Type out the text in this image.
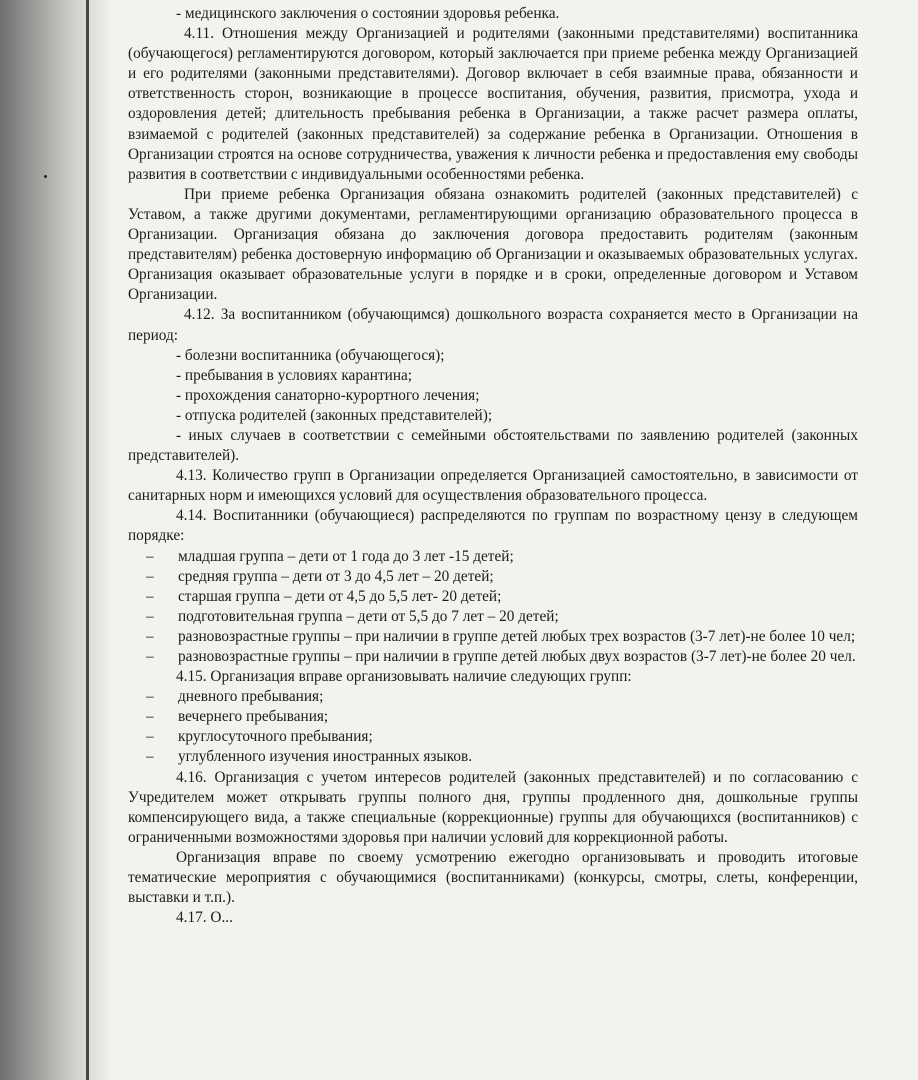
- медицинского заключения о состоянии здоровья ребенка.

4.11. Отношения между Организацией и родителями (законными представителями) воспитанника (обучающегося) регламентируются договором, который заключается при приеме ребенка между Организацией и его родителями (законными представителями). Договор включает в себя взаимные права, обязанности и ответственность сторон, возникающие в процессе воспитания, обучения, развития, присмотра, ухода и оздоровления детей; длительность пребывания ребенка в Организации, а также расчет размера оплаты, взимаемой с родителей (законных представителей) за содержание ребенка в Организации. Отношения в Организации строятся на основе сотрудничества, уважения к личности ребенка и предоставления ему свободы развития в соответствии с индивидуальными особенностями ребенка.

При приеме ребенка Организация обязана ознакомить родителей (законных представителей) с Уставом, а также другими документами, регламентирующими организацию образовательного процесса в Организации. Организация обязана до заключения договора предоставить родителям (законным представителям) ребенка достоверную информацию об Организации и оказываемых образовательных услугах. Организация оказывает образовательные услуги в порядке и в сроки, определенные договором и Уставом Организации.

4.12. За воспитанником (обучающимся) дошкольного возраста сохраняется место в Организации на период:

- болезни воспитанника (обучающегося);

- пребывания в условиях карантина;

- прохождения санаторно-курортного лечения;

- отпуска родителей (законных представителей);

- иных случаев в соответствии с семейными обстоятельствами по заявлению родителей (законных представителей).

4.13. Количество групп в Организации определяется Организацией самостоятельно, в зависимости от санитарных норм и имеющихся условий для осуществления образовательного процесса.

4.14. Воспитанники (обучающиеся) распределяются по группам по возрастному цензу в следующем порядке:

– младшая группа – дети от 1 года до 3 лет -15 детей;

– средняя группа – дети от 3 до 4,5 лет – 20 детей;

– старшая группа – дети от 4,5 до 5,5 лет- 20 детей;

– подготовительная группа – дети от 5,5 до 7 лет – 20 детей;

– разновозрастные группы – при наличии в группе детей любых трех возрастов (3-7 лет)-не более 10 чел;

– разновозрастные группы – при наличии в группе детей любых двух возрастов (3-7 лет)-не более 20 чел.

4.15. Организация вправе организовывать наличие следующих групп:

– дневного пребывания;

– вечернего пребывания;

– круглосуточного пребывания;

– углубленного изучения иностранных языков.

4.16. Организация с учетом интересов родителей (законных представителей) и по согласованию с Учредителем может открывать группы полного дня, группы продленного дня, дошкольные группы компенсирующего вида, а также специальные (коррекционные) группы для обучающихся (воспитанников) с ограниченными возможностями здоровья при наличии условий для коррекционной работы.

Организация вправе по своему усмотрению ежегодно организовывать и проводить итоговые тематические мероприятия с обучающимися (воспитанниками) (конкурсы, смотры, слеты, конференции, выставки и т.п.).

4.17. О...
